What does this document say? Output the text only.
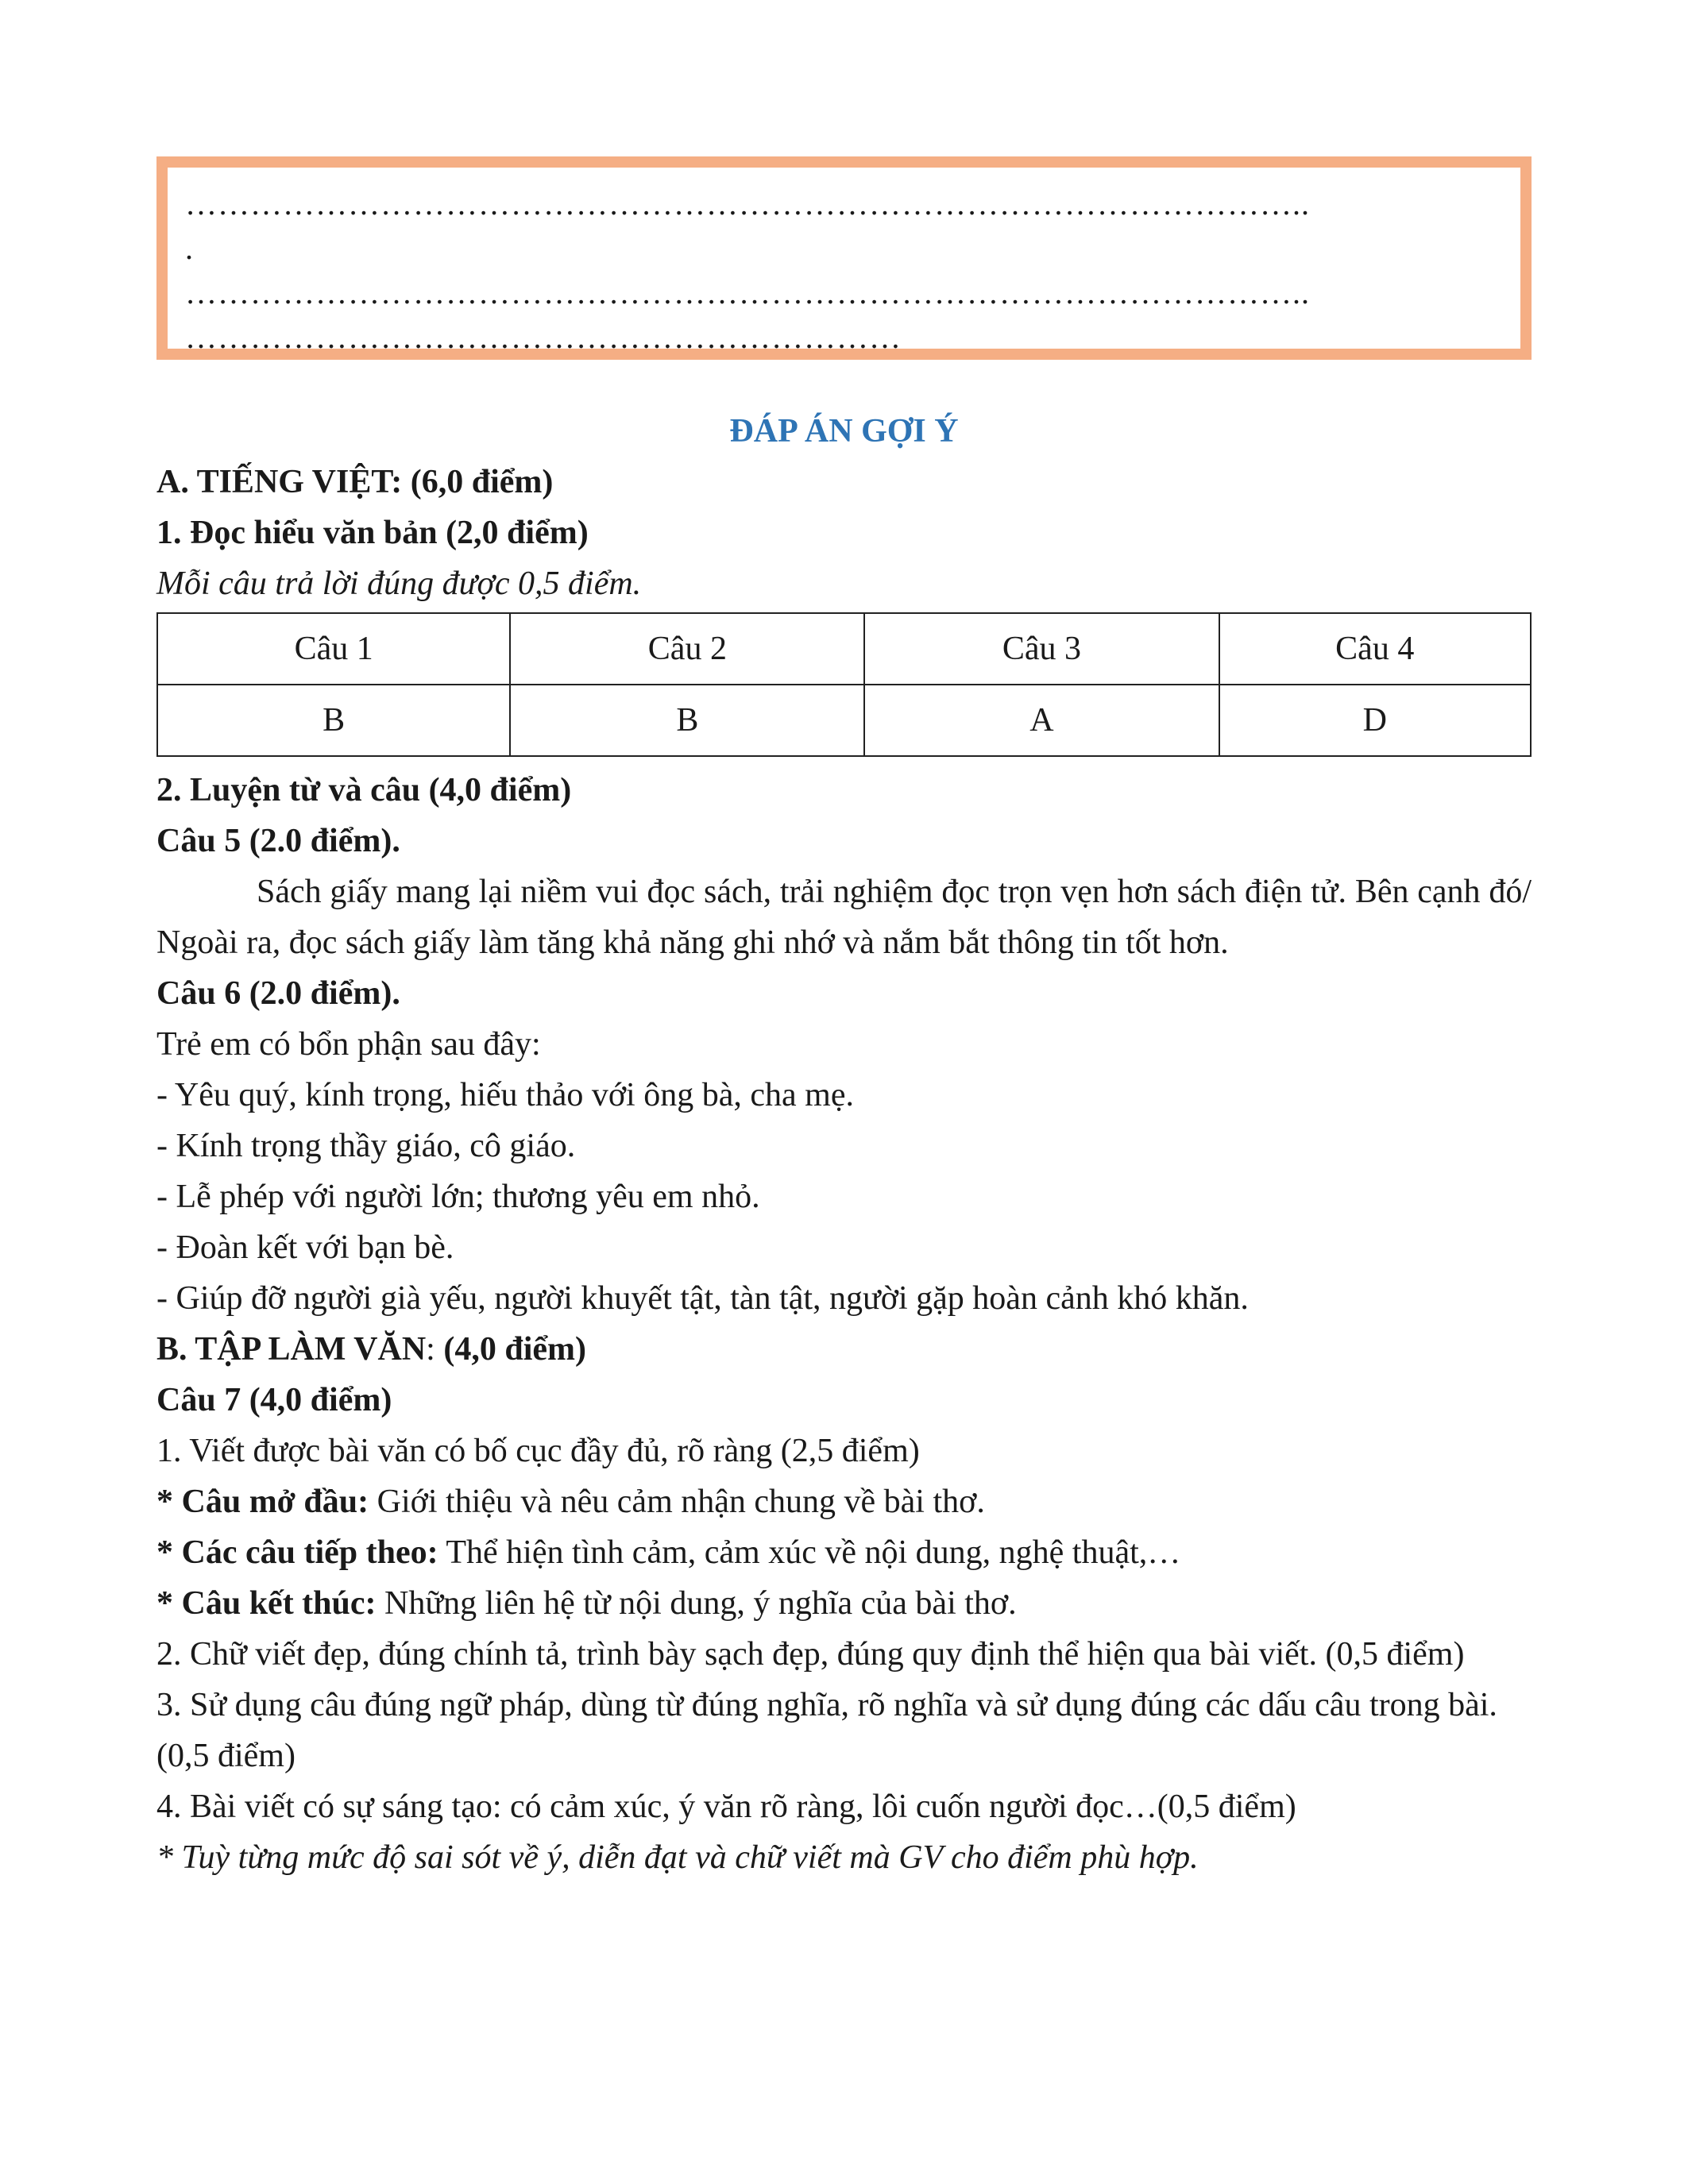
…………………………………………………………………………………………..
.
…………………………………………………………………………………………..
…………………………………………………………
ĐÁP ÁN GỢI Ý

A. TIẾNG VIỆT: (6,0 điểm)

1. Đọc hiểu văn bản (2,0 điểm)

Mỗi câu trả lời đúng được 0,5 điểm.

Câu 1	Câu 2	Câu 3	Câu 4
B	B	A	D

2. Luyện từ và câu (4,0 điểm)

Câu 5 (2.0 điểm).

Sách giấy mang lại niềm vui đọc sách, trải nghiệm đọc trọn vẹn hơn sách điện tử. Bên cạnh đó/ Ngoài ra, đọc sách giấy làm tăng khả năng ghi nhớ và nắm bắt thông tin tốt hơn.

Câu 6 (2.0 điểm).

Trẻ em có bổn phận sau đây:

- Yêu quý, kính trọng, hiếu thảo với ông bà, cha mẹ.

- Kính trọng thầy giáo, cô giáo.

- Lễ phép với người lớn; thương yêu em nhỏ.

- Đoàn kết với bạn bè.

- Giúp đỡ người già yếu, người khuyết tật, tàn tật, người gặp hoàn cảnh khó khăn.

B. TẬP LÀM VĂN: (4,0 điểm)

Câu 7 (4,0 điểm)

1. Viết được bài văn có bố cục đầy đủ, rõ ràng (2,5 điểm)

* Câu mở đầu: Giới thiệu và nêu cảm nhận chung về bài thơ.

* Các câu tiếp theo: Thể hiện tình cảm, cảm xúc về nội dung, nghệ thuật,…

* Câu kết thúc: Những liên hệ từ nội dung, ý nghĩa của bài thơ.

2. Chữ viết đẹp, đúng chính tả, trình bày sạch đẹp, đúng quy định thể hiện qua bài viết. (0,5 điểm)

3. Sử dụng câu đúng ngữ pháp, dùng từ đúng nghĩa, rõ nghĩa và sử dụng đúng các dấu câu trong bài. (0,5 điểm)

4. Bài viết có sự sáng tạo: có cảm xúc, ý văn rõ ràng, lôi cuốn người đọc…(0,5 điểm)

* Tuỳ từng mức độ sai sót về ý, diễn đạt và chữ viết mà GV cho điểm phù hợp.
